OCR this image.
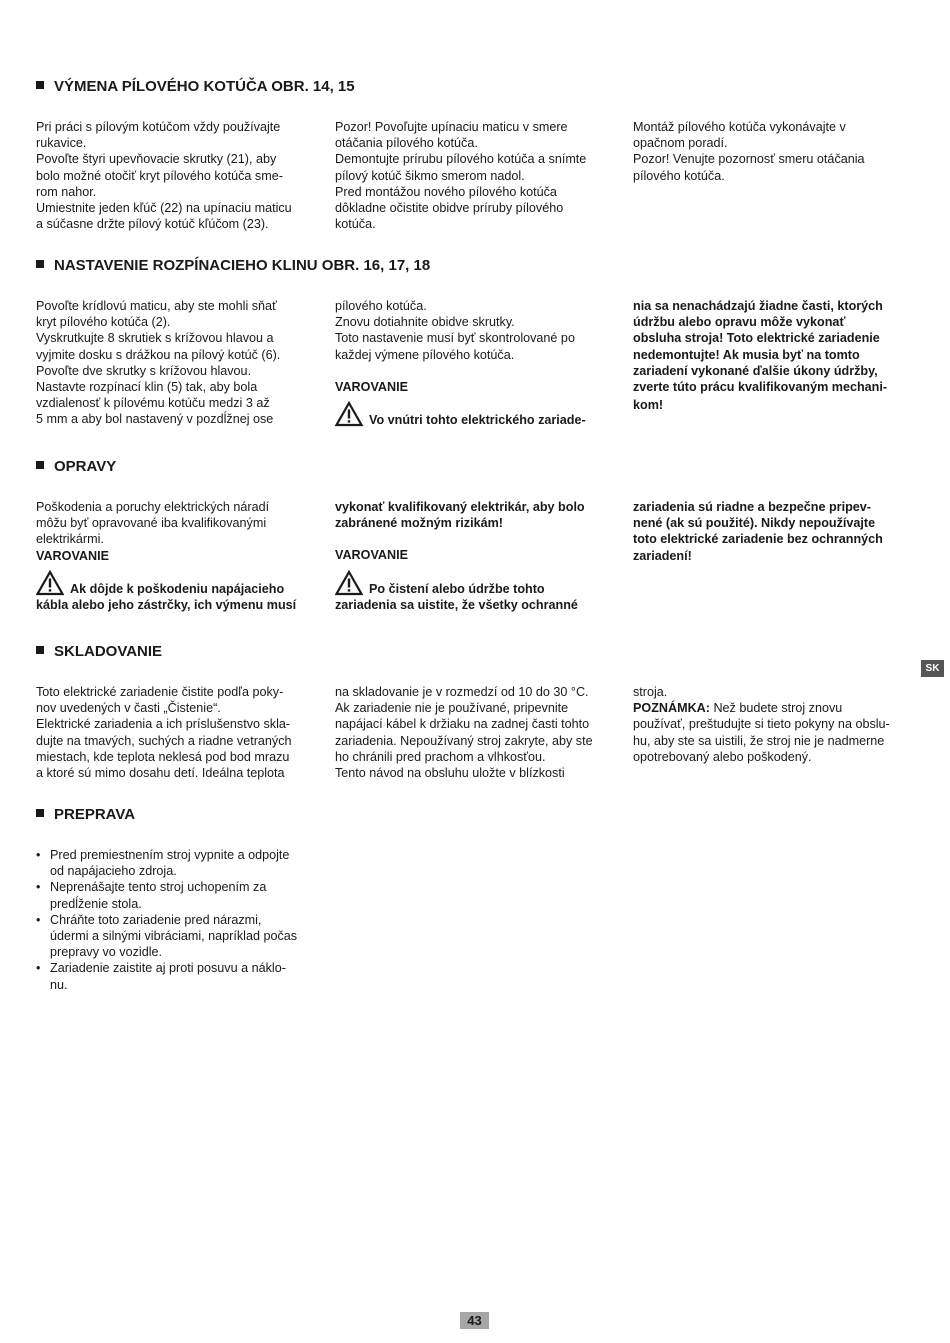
VÝMENA PÍLOVÉHO KOTÚČA OBR. 14, 15

Pri práci s pílovým kotúčom vždy používajte

rukavice.

Povoľte štyri upevňovacie skrutky (21), aby

bolo možné otočiť kryt pílového kotúča sme-

rom nahor.

Umiestnite jeden kľúč (22) na upínaciu maticu

a súčasne držte pílový kotúč kľúčom (23).

Pozor! Povoľujte upínaciu maticu v smere

otáčania pílového kotúča.

Demontujte prírubu pílového kotúča a snímte

pílový kotúč šikmo smerom nadol.

Pred montážou nového pílového kotúča

dôkladne očistite obidve príruby pílového

kotúča.

Montáž pílového kotúča vykonávajte v

opačnom poradí.

Pozor! Venujte pozornosť smeru otáčania

pílového kotúča.

NASTAVENIE ROZPÍNACIEHO KLINU OBR. 16, 17, 18

Povoľte krídlovú maticu, aby ste mohli sňať

kryt pílového kotúča (2).

Vyskrutkujte 8 skrutiek s krížovou hlavou a

vyjmite dosku s drážkou na pílový kotúč (6).

Povoľte dve skrutky s krížovou hlavou.

Nastavte rozpínací klin (5) tak, aby bola

vzdialenosť k pílovému kotúču medzi 3 až

5 mm a aby bol nastavený v pozdĺžnej ose

pílového kotúča.

Znovu dotiahnite obidve skrutky.

Toto nastavenie musí byť skontrolované po

každej výmene pílového kotúča.

VAROVANIE

Vo vnútri tohto elektrického zariade-

nia sa nenachádzajú žiadne časti, ktorých

údržbu alebo opravu môže vykonať

obsluha stroja! Toto elektrické zariadenie

nedemontujte! Ak musia byť na tomto

zariadení vykonané ďalšie úkony údržby,

zverte túto prácu kvalifikovaným mechani-

kom!

OPRAVY

Poškodenia a poruchy elektrických náradí

môžu byť opravované iba kvalifikovanými

elektrikármi.

VAROVANIE

Ak dôjde k poškodeniu napájacieho

kábla alebo jeho zástrčky, ich výmenu musí

vykonať kvalifikovaný elektrikár, aby bolo

zabránené možným rizikám!

VAROVANIE

Po čistení alebo údržbe tohto

zariadenia sa uistite, že všetky ochranné

zariadenia sú riadne a bezpečne pripev-

nené (ak sú použité). Nikdy nepoužívajte

toto elektrické zariadenie bez ochranných

zariadení!

SKLADOVANIE

Toto elektrické zariadenie čistite podľa poky-

nov uvedených v časti „Čistenie“.

Elektrické zariadenia a ich príslušenstvo skla-

dujte na tmavých, suchých a riadne vetraných

miestach, kde teplota neklesá pod bod mrazu

a ktoré sú mimo dosahu detí. Ideálna teplota

na skladovanie je v rozmedzí od 10 do 30 °C.

Ak zariadenie nie je používané, pripevnite

napájací kábel k držiaku na zadnej časti tohto

zariadenia. Nepoužívaný stroj zakryte, aby ste

ho chránili pred prachom a vlhkosťou.

Tento návod na obsluhu uložte v blízkosti

stroja.

POZNÁMKA: Než budete stroj znovu

používať, preštudujte si tieto pokyny na obslu-

hu, aby ste sa uistili, že stroj nie je nadmerne

opotrebovaný alebo poškodený.

PREPRAVA

• Pred premiestnením stroj vypnite a odpojte

od napájacieho zdroja.

• Neprenášajte tento stroj uchopením za

predĺženie stola.

• Chráňte toto zariadenie pred nárazmi,

údermi a silnými vibráciami, napríklad počas

prepravy vo vozidle.

• Zariadenie zaistite aj proti posuvu a náklo-

nu.

SK
43
